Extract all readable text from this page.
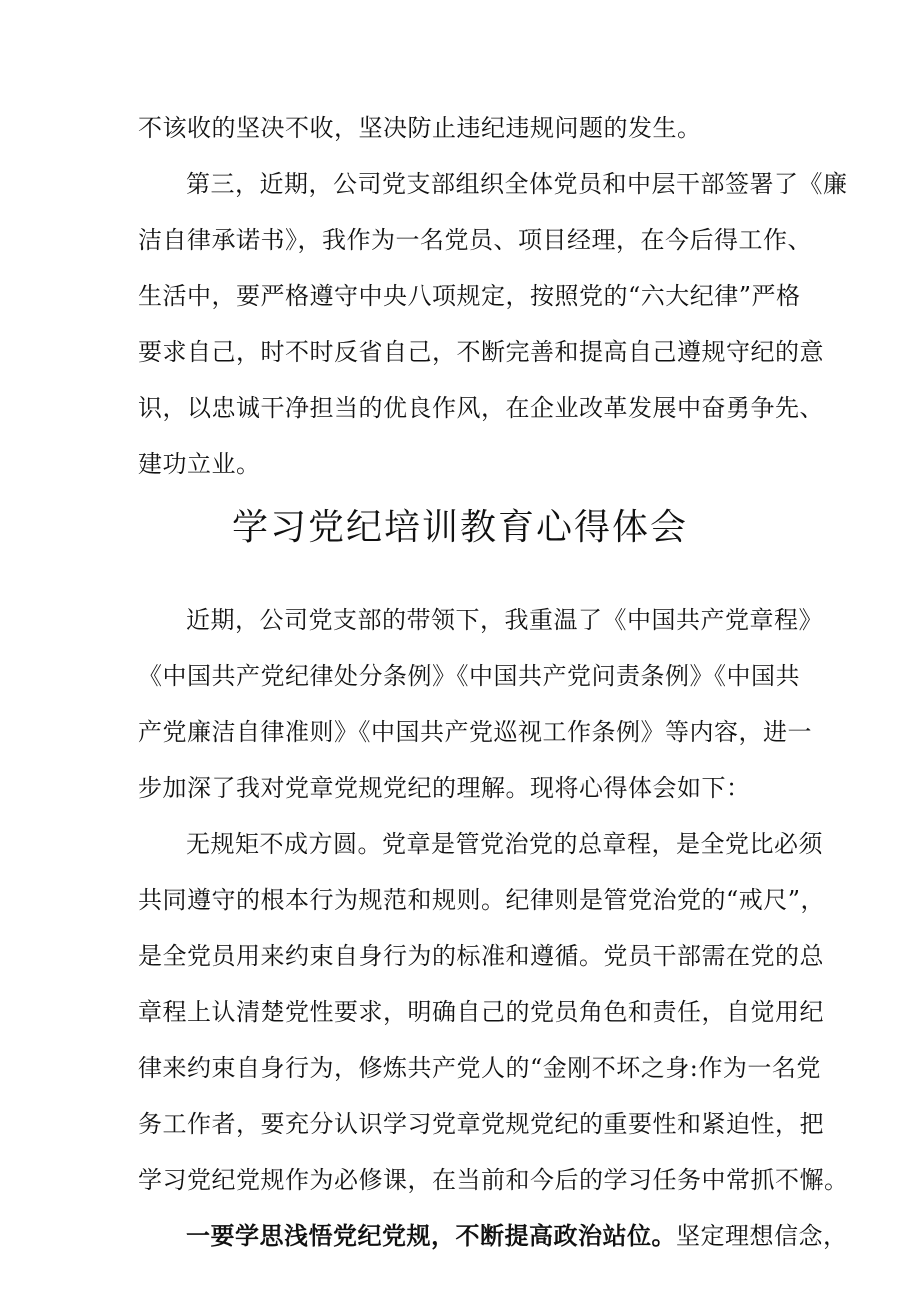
不该收的坚决不收，坚决防止违纪违规问题的发生。
第三，近期，公司党支部组织全体党员和中层干部签署了《廉
洁自律承诺书》，我作为一名党员、项目经理，在今后得工作、
生活中，要严格遵守中央八项规定，按照党的“六大纪律”严格
要求自己，时不时反省自己，不断完善和提高自己遵规守纪的意
识，以忠诚干净担当的优良作风，在企业改革发展中奋勇争先、
建功立业。
学习党纪培训教育心得体会
近期，公司党支部的带领下，我重温了《中国共产党章程》
《中国共产党纪律处分条例》《中国共产党问责条例》《中国共
产党廉洁自律准则》《中国共产党巡视工作条例》等内容，进一
步加深了我对党章党规党纪的理解。现将心得体会如下：
无规矩不成方圆。党章是管党治党的总章程，是全党比必须
共同遵守的根本行为规范和规则。纪律则是管党治党的“戒尺”，
是全党员用来约束自身行为的标准和遵循。党员干部需在党的总
章程上认清楚党性要求，明确自己的党员角色和责任，自觉用纪
律来约束自身行为，修炼共产党人的“金刚不坏之身:作为一名党
务工作者，要充分认识学习党章党规党纪的重要性和紧迫性，把
学习党纪党规作为必修课，在当前和今后的学习任务中常抓不懈。
一要学思浅悟党纪党规，不断提高政治站位。坚定理想信念，
